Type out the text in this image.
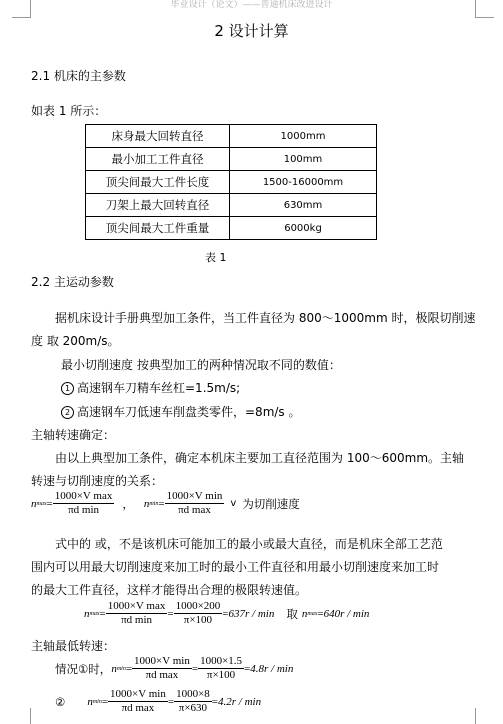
毕业设计（论文）——普通机床改进设计
2 设计计算
2.1 机床的主参数
如表 1 所示：
床身最大回转直径	1000mm
最小加工工件直径	100mm
顶尖间最大工件长度	1500-16000mm
刀架上最大回转直径	630mm
顶尖间最大工件重量	6000kg
表 1
2.2 主运动参数
据机床设计手册典型加工条件，当工件直径为 800～1000mm 时，极限切削速
度 取 200m/s。
最小切削速度 按典型加工的两种情况取不同的数值：
1 高速钢车刀精车丝杠=1.5m/s;
2 高速钢车刀低速车削盘类零件，=8m/s 。
主轴转速确定：
由以上典型加工条件，确定本机床主要加工直径范围为 100～600mm。主轴
转速与切削速度的关系：
n $\max = \frac{\text{1000×V max}}{\text{πd min}}$ ， n $\min = \frac{\text{1000×V min}}{\text{πd max}}$ v 为切削速度
式中的 或，不是该机床可能加工的最小或最大直径，而是机床全部工艺范
围内可以用最大切削速度来加工时的最小工件直径和用最小切削速度来加工时
的最大工件直径，这样才能得出合理的极限转速值。
n $\max = \frac{\text{1000×V max}}{\text{πd min}} = \frac{1000\times 200}{\pi\times 100} = 637r / \min$ 取 n max = 640r / min
主轴最低转速：
情况①时， n $\min = \frac{\text{1000×V min}}{\text{πd max}} = \frac{1000\times 1.5}{\pi\times 100} = 4.8r / \min$
② n $\min = \frac{\text{1000×V min}}{\text{πd max}} = \frac{1000\times 8}{\pi\times 630} = 4.2r / \min$
